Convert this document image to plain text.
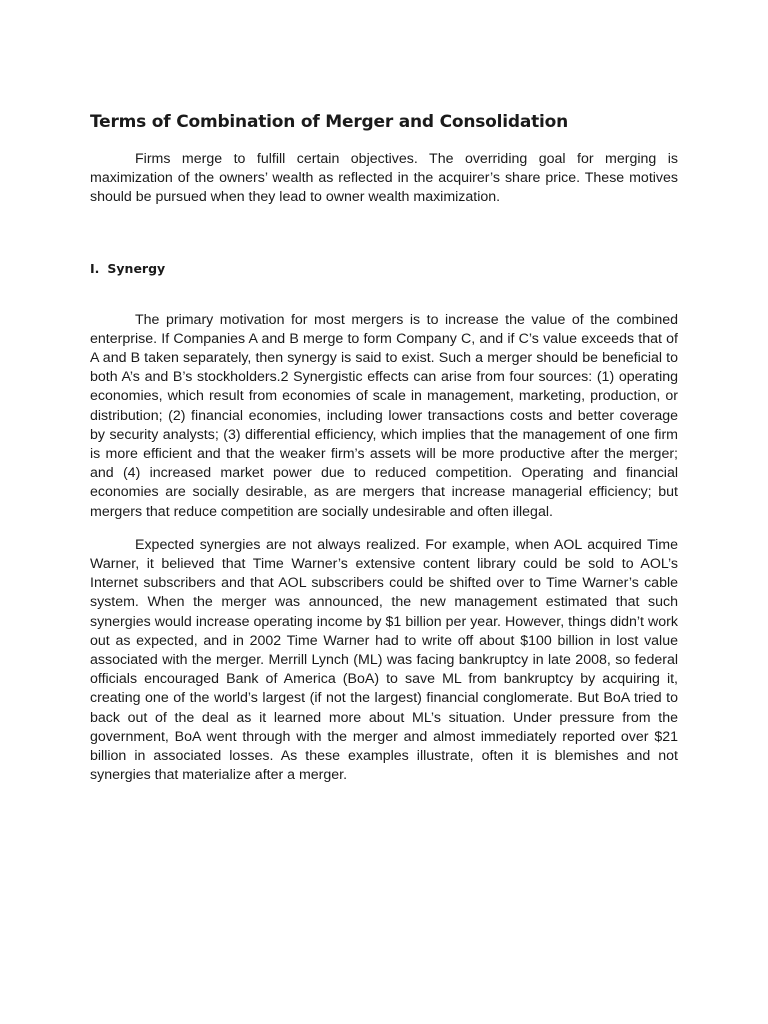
Terms of Combination of Merger and Consolidation

Firms merge to fulfill certain objectives. The overriding goal for merging is maximization of the owners’ wealth as reflected in the acquirer’s share price. These motives should be pursued when they lead to owner wealth maximization.

I. Synergy

The primary motivation for most mergers is to increase the value of the combined enterprise. If Companies A and B merge to form Company C, and if C’s value exceeds that of A and B taken separately, then synergy is said to exist. Such a merger should be beneficial to both A’s and B’s stockholders.2 Synergistic effects can arise from four sources: (1) operating economies, which result from economies of scale in management, marketing, production, or distribution; (2) financial economies, including lower transactions costs and better coverage by security analysts; (3) differential efficiency, which implies that the management of one firm is more efficient and that the weaker firm’s assets will be more productive after the merger; and (4) increased market power due to reduced competition. Operating and financial economies are socially desirable, as are mergers that increase managerial efficiency; but mergers that reduce competition are socially undesirable and often illegal.

Expected synergies are not always realized. For example, when AOL acquired Time Warner, it believed that Time Warner’s extensive content library could be sold to AOL’s Internet subscribers and that AOL subscribers could be shifted over to Time Warner’s cable system. When the merger was announced, the new management estimated that such synergies would increase operating income by $1 billion per year. However, things didn’t work out as expected, and in 2002 Time Warner had to write off about $100 billion in lost value associated with the merger. Merrill Lynch (ML) was facing bankruptcy in late 2008, so federal officials encouraged Bank of America (BoA) to save ML from bankruptcy by acquiring it, creating one of the world’s largest (if not the largest) financial conglomerate. But BoA tried to back out of the deal as it learned more about ML’s situation. Under pressure from the government, BoA went through with the merger and almost immediately reported over $21 billion in associated losses. As these examples illustrate, often it is blemishes and not synergies that materialize after a merger.
